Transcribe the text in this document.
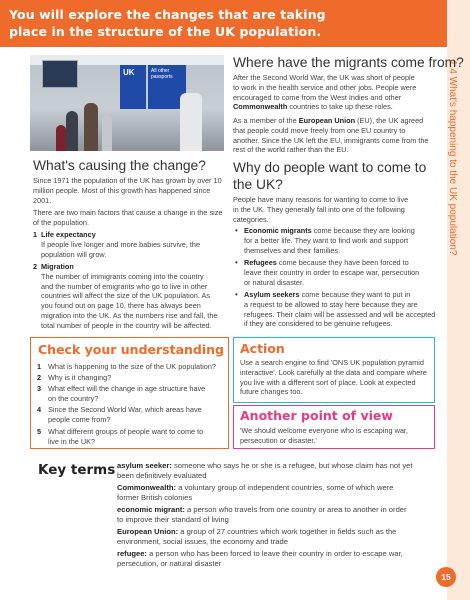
You will explore the changes that are taking
place in the structure of the UK population.
1.4 What's happening to the UK population?
UK	All other passports
Where have the migrants come from?
After the Second World War, the UK was short of people
to work in the health service and other jobs. People were
encouraged to come from the West Indies and other
Commonwealth countries to take up these roles.
As a member of the European Union (EU), the UK agreed
that people could move freely from one EU country to
another. Since the UK left the EU, immigrants come from the
rest of the world rather than the EU.
Why do people want to come to
the UK?
People have many reasons for wanting to come to live
in the UK. They generally fall into one of the following
categories.
• Economic migrants come because they are looking
for a better life. They want to find work and support
themselves and their families.
• Refugees come because they have been forced to
leave their country in order to escape war, persecution
or natural disaster.
• Asylum seekers come because they want to put in
a request to be allowed to stay here because they are
refugees. Their claim will be assessed and will be accepted
if they are considered to be genuine refugees.
What's causing the change?
Since 1971 the population of the UK has grown by over 10
million people. Most of this growth has happened since
2001.
There are two main factors that cause a change in the size
of the population.
1 Life expectancy
If people live longer and more babies survive, the
population will grow.
2 Migration
The number of immigrants coming into the country
and the number of emigrants who go to live in other
countries will affect the size of the UK population. As
you found out on page 10, there has always been
migration into the UK. As the numbers rise and fall, the
total number of people in the country will be affected.
Check your understanding
1 What is happening to the size of the UK population?
2 Why is it changing?
3 What effect will the change in age structure have
on the country?
4 Since the Second World War, which areas have
people come from?
5 What different groups of people want to come to
live in the UK?
Action
Use a search engine to find 'ONS UK population pyramid
interactive'. Look carefully at the data and compare where
you live with a different sort of place. Look at expected
future changes too.
Another point of view
'We should welcome everyone who is escaping war,
persecution or disaster.'
Key terms asylum seeker: someone who says he or she is a refugee, but whose claim has not yet
been definitively evaluated
Commonwealth: a voluntary group of independent countries, some of which were
former British colonies
economic migrant: a person who travels from one country or area to another in order
to improve their standard of living
European Union: a group of 27 countries which work together in fields such as the
environment, social issues, the economy and trade
refugee: a person who has been forced to leave their country in order to escape war,
persecution, or natural disaster
15
